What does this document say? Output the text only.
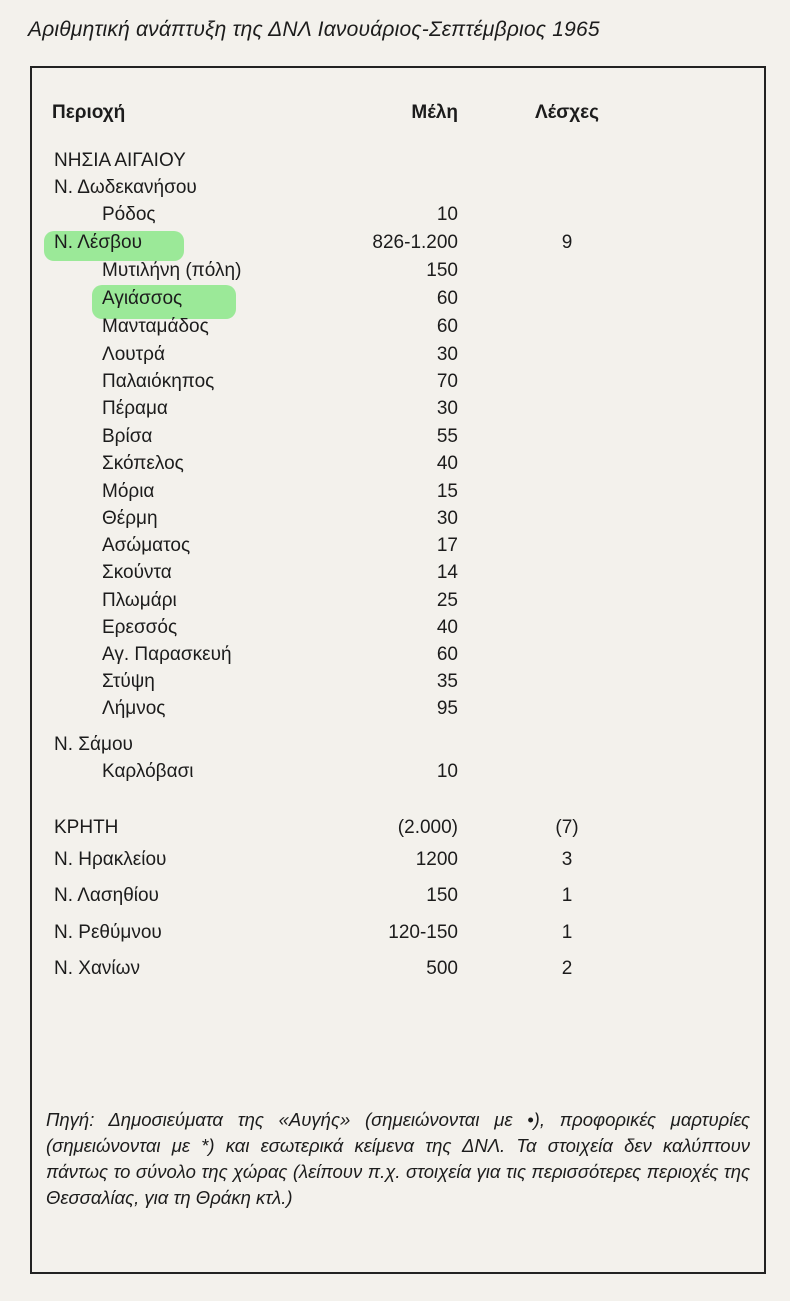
Αριθμητική ανάπτυξη της ΔΝΛ Ιανουάριος-Σεπτέμβριος 1965
Περιοχή	Μέλη	Λέσχες
ΝΗΣΙΑ ΑΙΓΑΙΟΥ
Ν. Δωδεκανήσου
Ρόδος	10
Ν. Λέσβου	826-1.200	9
Μυτιλήνη (πόλη)	150
Αγιάσσος	60
Μανταμάδος	60
Λουτρά	30
Παλαιόκηπος	70
Πέραμα	30
Βρίσα	55
Σκόπελος	40
Μόρια	15
Θέρμη	30
Ασώματος	17
Σκούντα	14
Πλωμάρι	25
Ερεσσός	40
Αγ. Παρασκευή	60
Στύψη	35
Λήμνος	95
Ν. Σάμου
Καρλόβασι	10
ΚΡΗΤΗ	(2.000)	(7)
Ν. Ηρακλείου	1200	3
Ν. Λασηθίου	150	1
Ν. Ρεθύμνου	120-150	1
Ν. Χανίων	500	2
Πηγή: Δημοσιεύματα της «Αυγής» (σημειώνονται με •), προφορικές μαρτυρίες (σημειώνονται με *) και εσωτερικά κείμενα της ΔΝΛ. Τα στοιχεία δεν καλύπτουν πάντως το σύνολο της χώρας (λείπουν π.χ. στοιχεία για τις περισσότερες περιοχές της Θεσσαλίας, για τη Θράκη κτλ.)
